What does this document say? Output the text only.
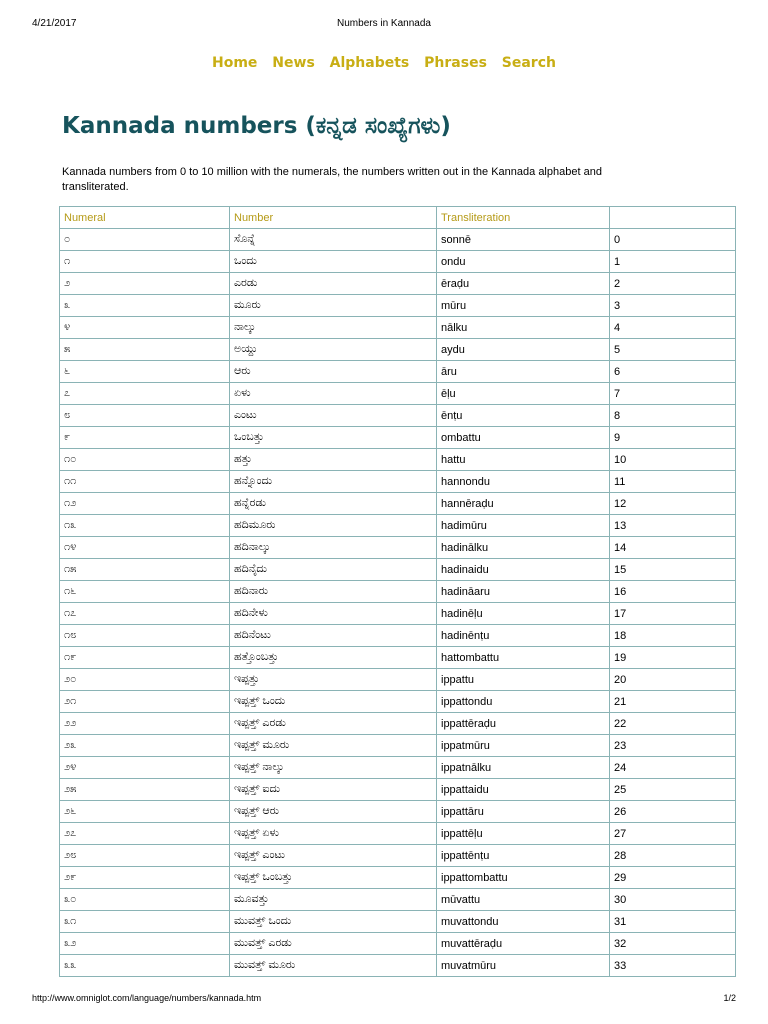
4/21/2017	Numbers in Kannada
Home News Alphabets Phrases Search
Kannada numbers (ಕನ್ನಡ ಸಂಖ್ಯೆಗಳು)

Kannada numbers from 0 to 10 million with the numerals, the numbers written out in the Kannada alphabet and transliterated.

Numeral	Number	Transliteration	
೦	ಸೊನ್ನೆ	sonnē	0
೧	ಒಂದು	ondu	1
೨	ಎರಡು	ēraḍu	2
೩	ಮೂರು	mūru	3
೪	ನಾಲ್ಕು	nālku	4
೫	ಅಯ್ದು	aydu	5
೬	ಆರು	āru	6
೭	ಏಳು	ēḷu	7
೮	ಎಂಟು	ēnṭu	8
೯	ಒಂಬತ್ತು	ombattu	9
೧೦	ಹತ್ತು	hattu	10
೧೧	ಹನ್ನೊಂದು	hannondu	11
೧೨	ಹನ್ನೆರಡು	hannēraḍu	12
೧೩	ಹದಿಮೂರು	hadimūru	13
೧೪	ಹದಿನಾಲ್ಕು	hadinālku	14
೧೫	ಹದಿನೈದು	hadinaidu	15
೧೬	ಹದಿನಾರು	hadināaru	16
೧೭	ಹದಿನೇಳು	hadinēḷu	17
೧೮	ಹದಿನೆಂಟು	hadinēnṭu	18
೧೯	ಹತ್ತೊಂಬತ್ತು	hattombattu	19
೨೦	ಇಪ್ಪತ್ತು	ippattu	20
೨೧	ಇಪ್ಪತ್ತ್ ಒಂದು	ippattondu	21
೨೨	ಇಪ್ಪತ್ತ್ ಎರಡು	ippattēraḍu	22
೨೩	ಇಪ್ಪತ್ತ್ ಮೂರು	ippatmūru	23
೨೪	ಇಪ್ಪತ್ತ್ ನಾಲ್ಕು	ippatnālku	24
೨೫	ಇಪ್ಪತ್ತ್ ಐದು	ippattaidu	25
೨೬	ಇಪ್ಪತ್ತ್ ಆರು	ippattāru	26
೨೭	ಇಪ್ಪತ್ತ್ ಏಳು	ippattēḷu	27
೨೮	ಇಪ್ಪತ್ತ್ ಎಂಟು	ippattēnṭu	28
೨೯	ಇಪ್ಪತ್ತ್ ಒಂಬತ್ತು	ippattombattu	29
೩೦	ಮೂವತ್ತು	mūvattu	30
೩೧	ಮುವತ್ತ್ ಒಂದು	muvattondu	31
೩೨	ಮುವತ್ತ್ ಎರಡು	muvattēraḍu	32
೩೩	ಮುವತ್ತ್ ಮೂರು	muvatmūru	33
http://www.omniglot.com/language/numbers/kannada.htm	1/2
